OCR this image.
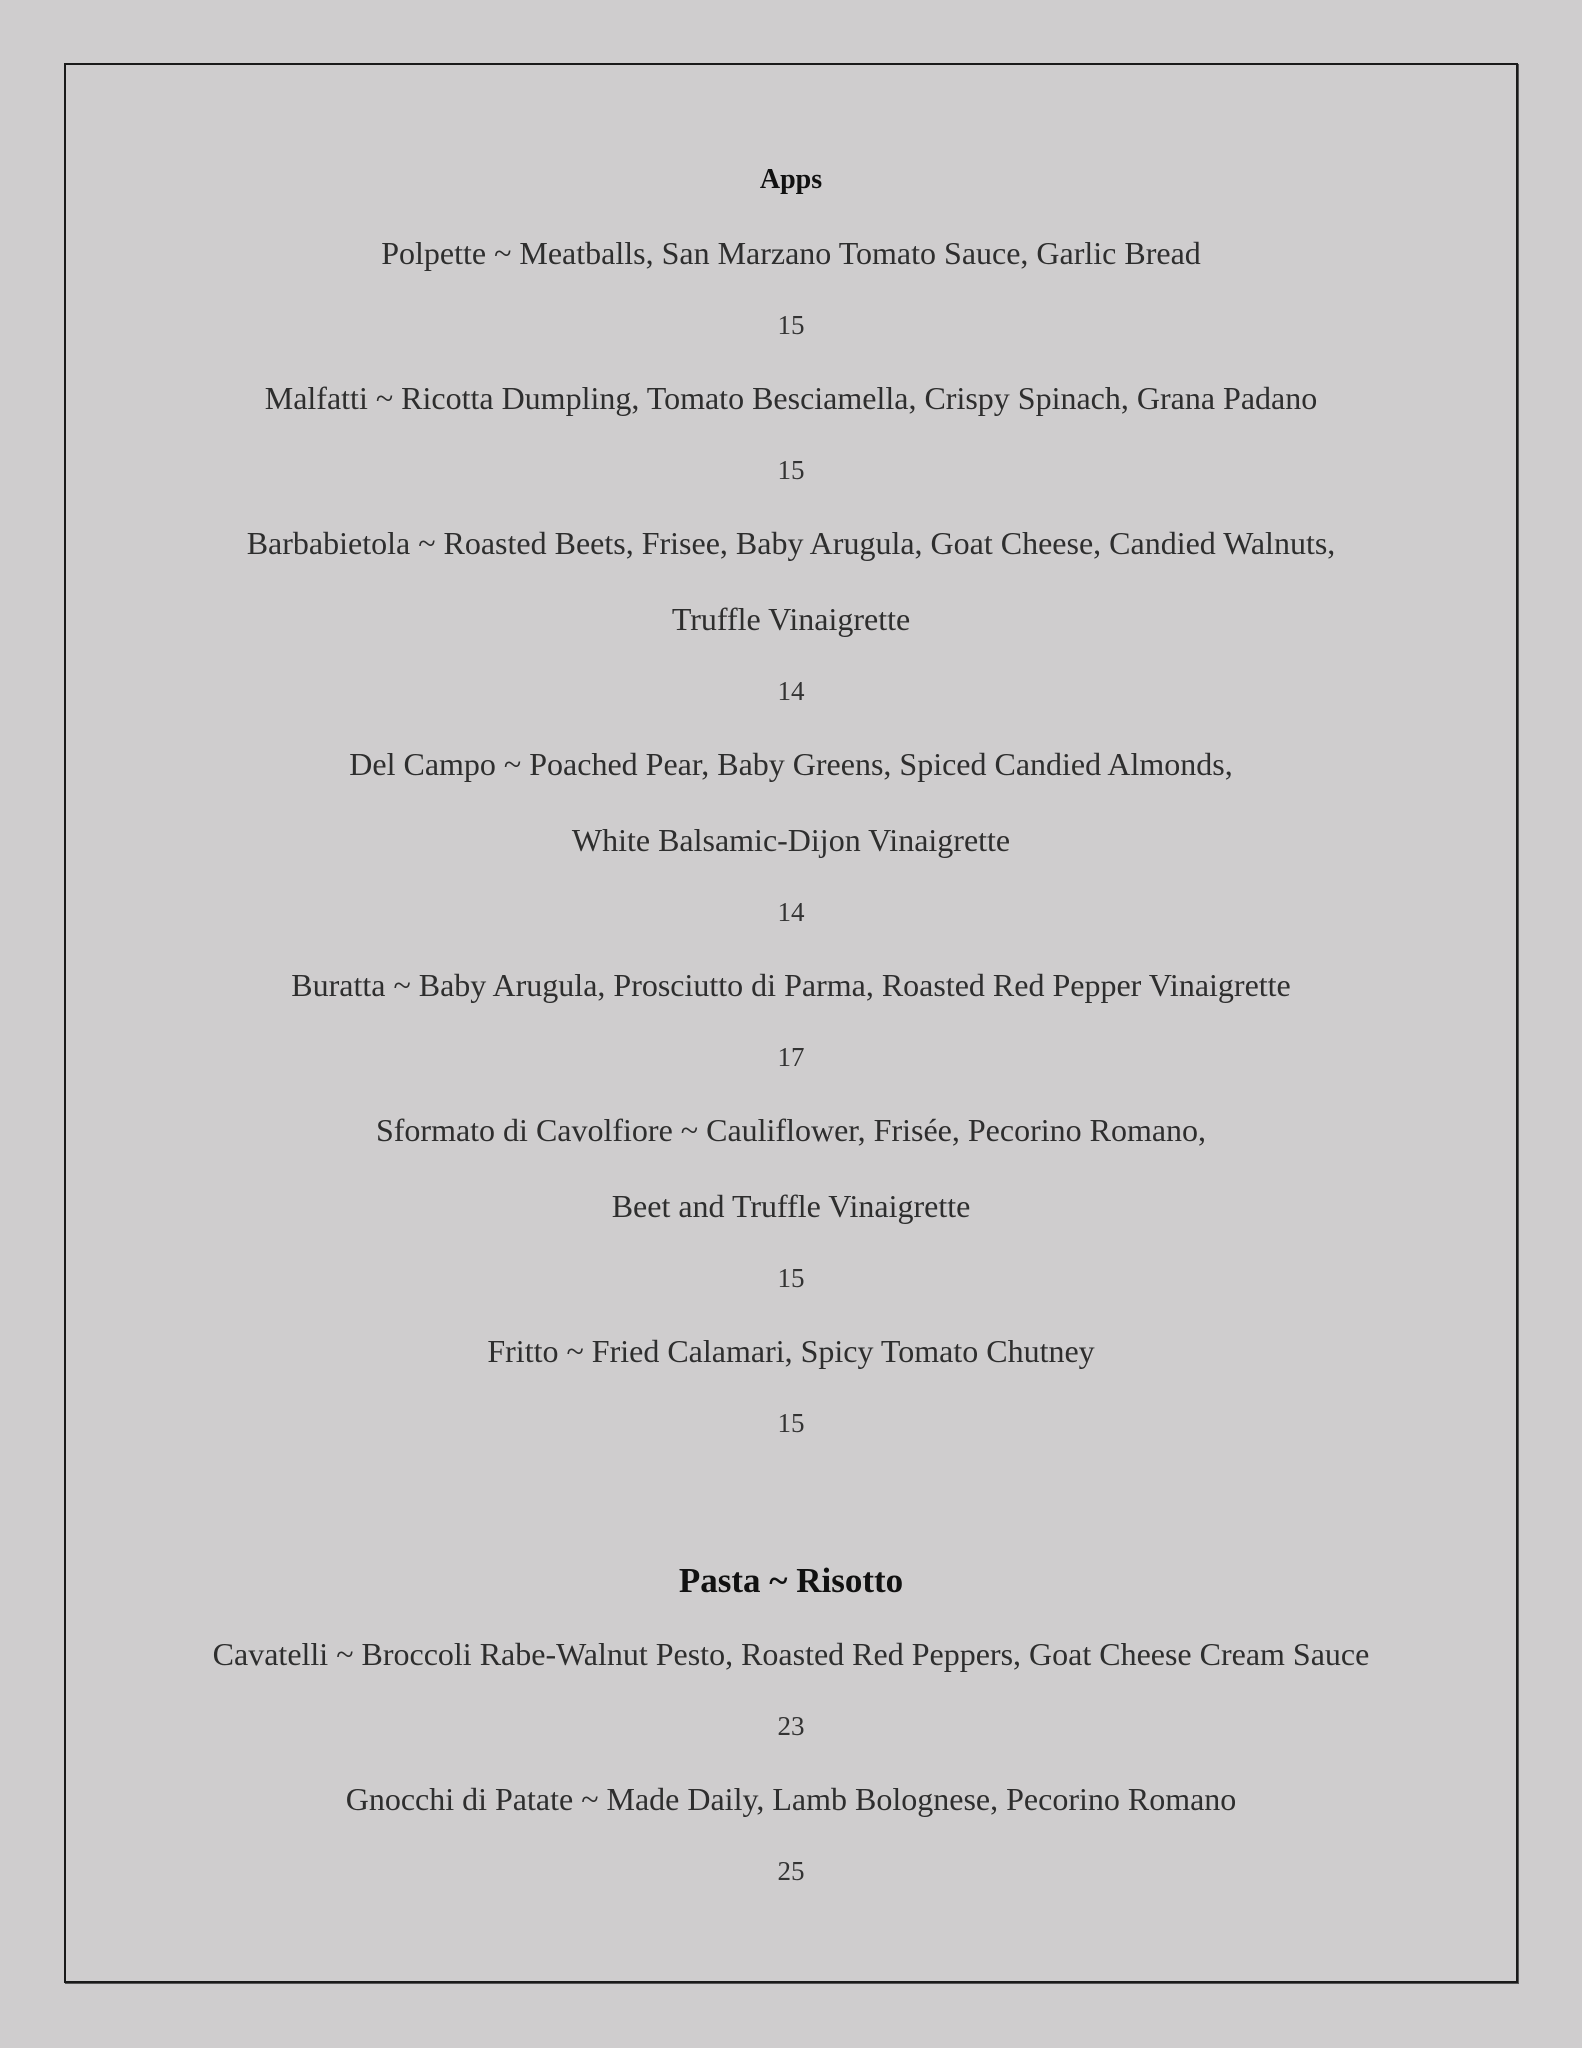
Apps
Polpette ~ Meatballs, San Marzano Tomato Sauce, Garlic Bread
15
Malfatti ~ Ricotta Dumpling, Tomato Besciamella, Crispy Spinach, Grana Padano
15
Barbabietola ~ Roasted Beets, Frisee, Baby Arugula, Goat Cheese, Candied Walnuts,
Truffle Vinaigrette
14
Del Campo ~ Poached Pear, Baby Greens, Spiced Candied Almonds,
White Balsamic-Dijon Vinaigrette
14
Buratta ~ Baby Arugula, Prosciutto di Parma, Roasted Red Pepper Vinaigrette
17
Sformato di Cavolfiore ~ Cauliflower, Frisée, Pecorino Romano,
Beet and Truffle Vinaigrette
15
Fritto ~ Fried Calamari, Spicy Tomato Chutney
15
Pasta ~ Risotto
Cavatelli ~ Broccoli Rabe-Walnut Pesto, Roasted Red Peppers, Goat Cheese Cream Sauce
23
Gnocchi di Patate ~ Made Daily, Lamb Bolognese, Pecorino Romano
25
